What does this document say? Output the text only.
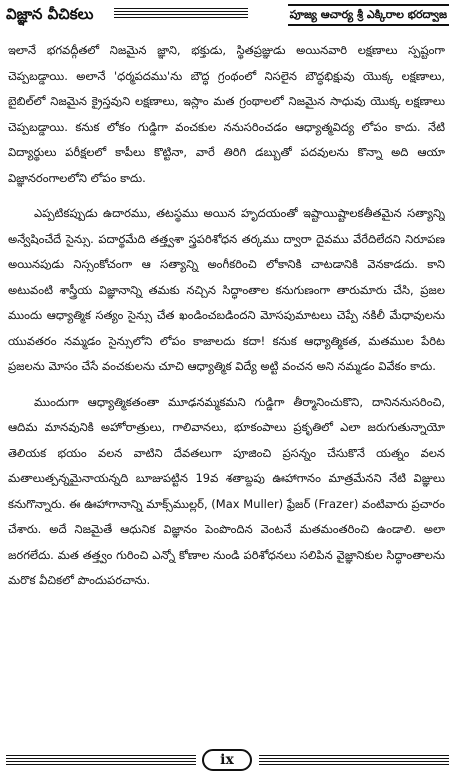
విజ్ఞాన వీచికలు	పూజ్య ఆచార్య శ్రీ ఎక్కిరాల భరద్వాజ

ఇలానే భగవద్గీతలో నిజమైన జ్ఞాని, భక్తుడు, స్థితప్రజ్ఞుడు అయినవారి లక్షణాలు స్పష్టంగా చెప్పబడ్డాయి. అలానే 'ధర్మపదము'ను బౌద్ధ గ్రంథంలో నిసలైన బౌద్ధభిక్షువు యొక్క లక్షణాలు, బైబిల్‌లో నిజమైన క్రైస్తవుని లక్షణాలు, ఇస్లాం మత గ్రంథాలలో నిజమైన సాధువు యొక్క లక్షణాలు చెప్పబడ్డాయి. కనుక లోకం గుడ్డిగా వంచకుల ననుసరించడం ఆధ్యాత్మవిద్య లోపం కాదు. నేటి విద్యార్థులు పరీక్షలలో కాపీలు కొట్టినా, వారే తిరిగి డబ్బుతో పదవులను కొన్నా అది ఆయా విజ్ఞానరంగాలలోని లోపం కాదు.

ఎప్పటికప్పుడు ఉదారము, తటస్థము అయిన హృదయంతో ఇష్టాయిష్టాలకతీతమైన సత్యాన్ని అన్వేషించేదే సైన్సు. పదార్థమేది తత్త్వశా స్త్రపరిశోధన తర్కము ద్వారా దైవము వేరేదిలేదని నిరూపణ అయినపుడు నిస్సంకోచంగా ఆ సత్యాన్ని అంగీకరించి లోకానికి చాటడానికి వెనకాడదు. కాని అటువంటి శాస్త్రీయ విజ్ఞానాన్ని తమకు నచ్చిన సిద్ధాంతాల కనుగుణంగా తారుమారు చేసి, ప్రజల ముందు ఆధ్యాత్మిక సత్యం సైన్సు చేత ఖండించబడిందని మోసపుమాటలు చెప్పే నకిలీ మేధావులను యువతరం నమ్మడం సైన్సులోని లోపం కాజాలదు కదా! కనుక ఆధ్యాత్మికత, మతముల పేరిట ప్రజలను మోసం చేసే వంచకులను చూచి ఆధ్యాత్మిక విద్యే అట్టి వంచన అని నమ్మడం వివేకం కాదు.

ముందుగా ఆధ్యాత్మికతంతా మూఢనమ్మకమని గుడ్డిగా తీర్మానించుకొని, దానిననుసరించి, ఆదిమ మానవునికి అహోరాత్రులు, గాలివానలు, భూకంపాలు ప్రకృతిలో ఎలా జరుగుతున్నాయో తెలియక భయం వలన వాటిని దేవతలుగా పూజించి ప్రసన్నం చేసుకొనే యత్నం వలన మతాలుత్పన్నమైనాయన్నది బూజుపట్టిన 19వ శతాబ్దపు ఊహాగానం మాత్రమేనని నేటి విజ్ఞులు కనుగొన్నారు. ఈ ఊహాగానాన్ని మాక్స్‌ముల్లర్, (Max Muller) ఫ్రేజర్ (Frazer) వంటివారు ప్రచారం చేశారు. అదే నిజమైతే ఆధునిక విజ్ఞానం పెంపొందిన వెంటనే మతమంతరించి ఉండాలి. అలా జరగలేదు. మత తత్త్వం గురించి ఎన్నో కోణాల నుండి పరిశోధనలు సలిపిన వైజ్ఞానికుల సిద్ధాంతాలను మరొక వీచికలో పొందుపరచాను.

ix
